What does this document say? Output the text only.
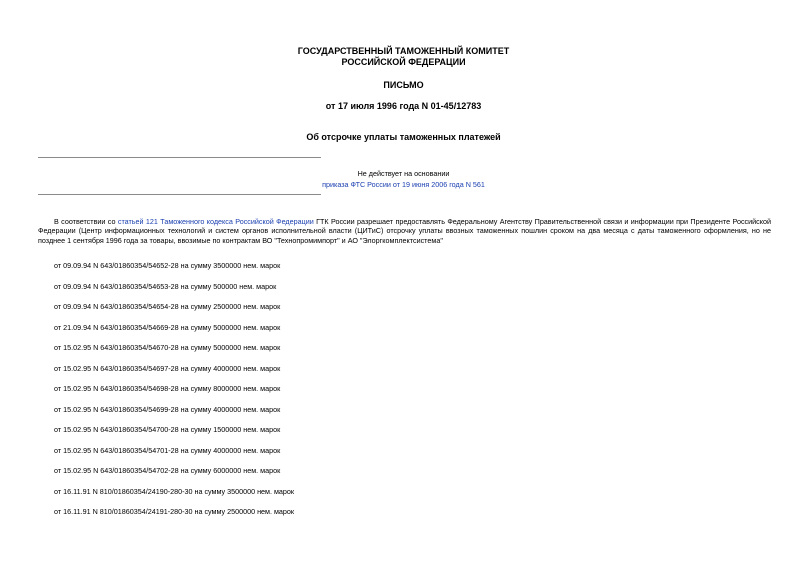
ГОСУДАРСТВЕННЫЙ ТАМОЖЕННЫЙ КОМИТЕТ
РОССИЙСКОЙ ФЕДЕРАЦИИ
ПИСЬМО
от 17 июля 1996 года N 01-45/12783
Об отсрочке уплаты таможенных платежей
Не действует на основании
приказа ФТС России от 19 июня 2006 года N 561
В соответствии со статьей 121 Таможенного кодекса Российской Федерации ГТК России разрешает предоставлять Федеральному Агентству Правительственной связи и информации при Президенте Российской Федерации (Центр информационных технологий и систем органов исполнительной власти (ЦИТиС) отсрочку уплаты ввозных таможенных пошлин сроком на два месяца с даты таможенного оформления, но не позднее 1 сентября 1996 года за товары, ввозимые по контрактам ВО "Технопромимпорт" и АО "Элоргкомплектсистема"
от 09.09.94 N 643/01860354/54652-28 на сумму 3500000 нем. марок
от 09.09.94 N 643/01860354/54653-28 на сумму 500000 нем. марок
от 09.09.94 N 643/01860354/54654-28 на сумму 2500000 нем. марок
от 21.09.94 N 643/01860354/54669-28 на сумму 5000000 нем. марок
от 15.02.95 N 643/01860354/54670-28 на сумму 5000000 нем. марок
от 15.02.95 N 643/01860354/54697-28 на сумму 4000000 нем. марок
от 15.02.95 N 643/01860354/54698-28 на сумму 8000000 нем. марок
от 15.02.95 N 643/01860354/54699-28 на сумму 4000000 нем. марок
от 15.02.95 N 643/01860354/54700-28 на сумму 1500000 нем. марок
от 15.02.95 N 643/01860354/54701-28 на сумму 4000000 нем. марок
от 15.02.95 N 643/01860354/54702-28 на сумму 6000000 нем. марок
от 16.11.91 N 810/01860354/24190-280-30 на сумму 3500000 нем. марок
от 16.11.91 N 810/01860354/24191-280-30 на сумму 2500000 нем. марок
